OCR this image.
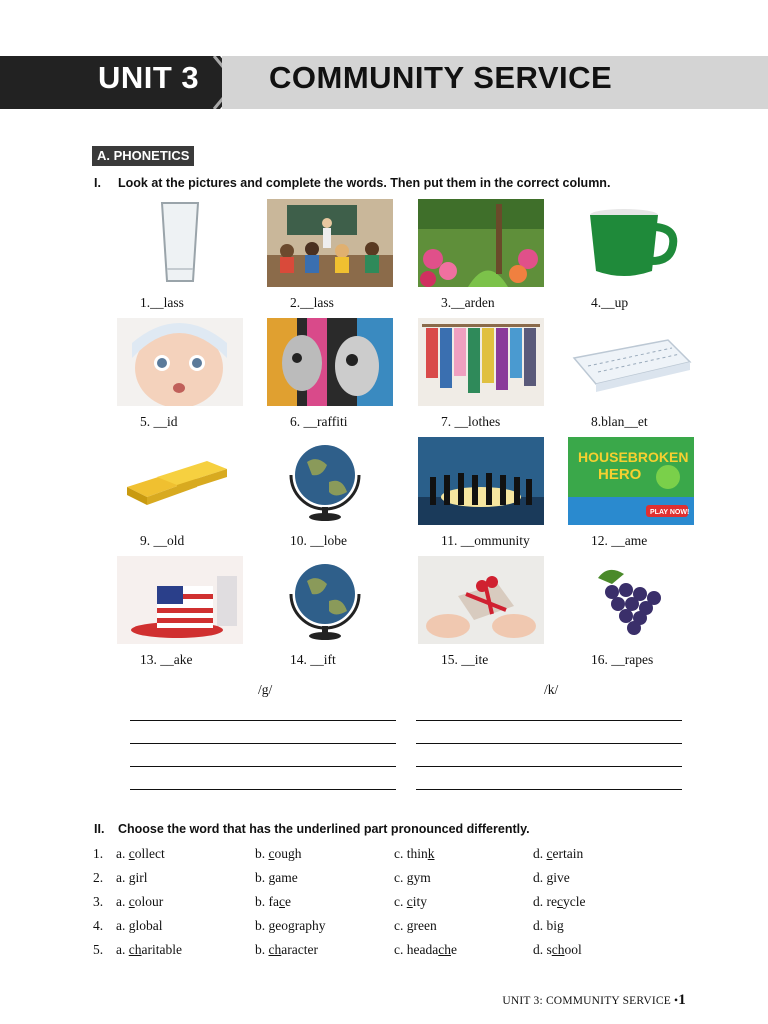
UNIT 3 COMMUNITY SERVICE
A. PHONETICS
I. Look at the pictures and complete the words. Then put them in the correct column.
HOUSEBROKEN
HERO
PLAY NOW!
1.__lass	2.__lass	3.__arden	4.__up
5. __id	6. __raffiti	7. __lothes	8.blan__et
9. __old	10. __lobe	11. __ommunity	12. __ame
13. __ake	14. __ift	15. __ite	16. __rapes
/g/	/k/
II. Choose the word that has the underlined part pronounced differently.
1. a. collect	b. cough	c. think	d. certain
2. a. girl	b. game	c. gym	d. give
3. a. colour	b. face	c. city	d. recycle
4. a. global	b. geography	c. green	d. big
5. a. charitable	b. character	c. headаche	d. school
UNIT 3: COMMUNITY SERVICE •1
